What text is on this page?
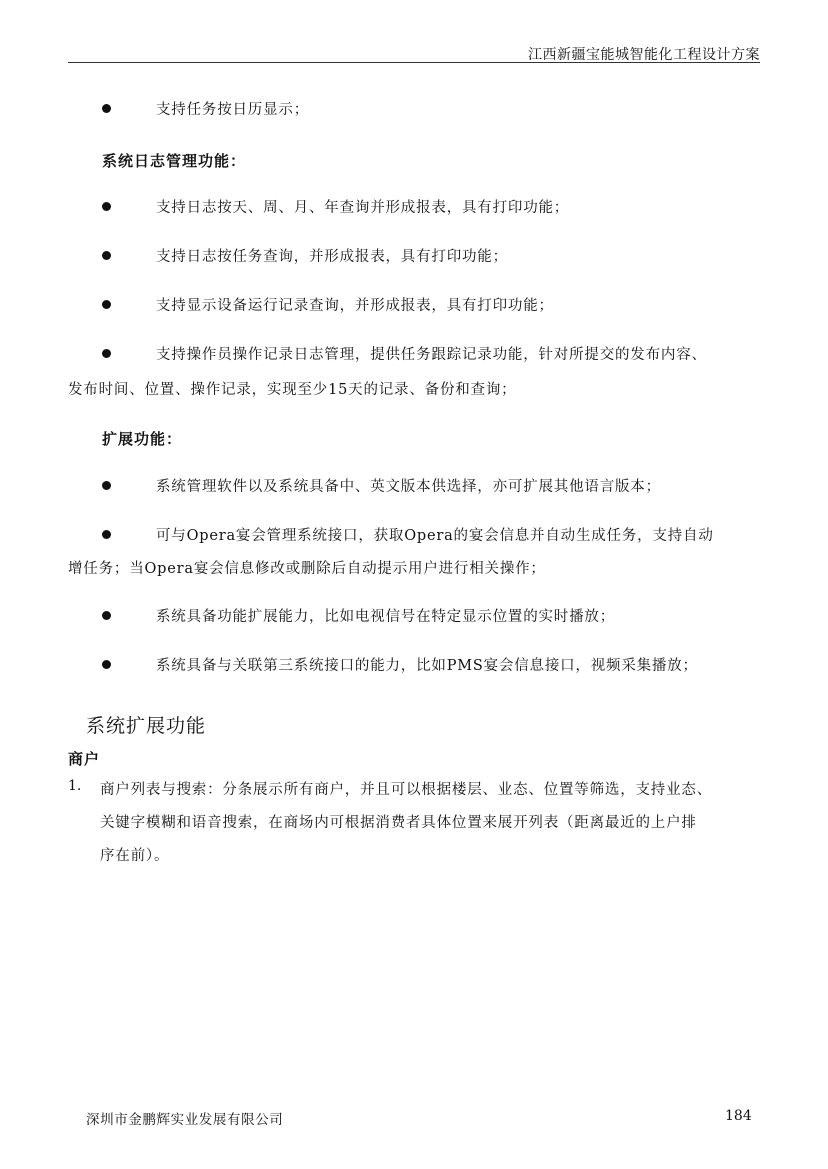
江西新疆宝能城智能化工程设计方案
支持任务按日历显示；
系统日志管理功能：
支持日志按天、周、月、年查询并形成报表，具有打印功能；
支持日志按任务查询，并形成报表，具有打印功能；
支持显示设备运行记录查询，并形成报表，具有打印功能；
支持操作员操作记录日志管理，提供任务跟踪记录功能，针对所提交的发布内容、
发布时间、位置、操作记录，实现至少15天的记录、备份和查询；
扩展功能：
系统管理软件以及系统具备中、英文版本供选择，亦可扩展其他语言版本；
可与Opera宴会管理系统接口，获取Opera的宴会信息并自动生成任务，支持自动
增任务；当Opera宴会信息修改或删除后自动提示用户进行相关操作；
系统具备功能扩展能力，比如电视信号在特定显示位置的实时播放；
系统具备与关联第三系统接口的能力，比如PMS宴会信息接口，视频采集播放；
系统扩展功能
商户
1. 商户列表与搜索：分条展示所有商户，并且可以根据楼层、业态、位置等筛选，支持业态、
关键字模糊和语音搜索，在商场内可根据消费者具体位置来展开列表（距离最近的上户排
序在前）。
深圳市金鹏辉实业发展有限公司	184
